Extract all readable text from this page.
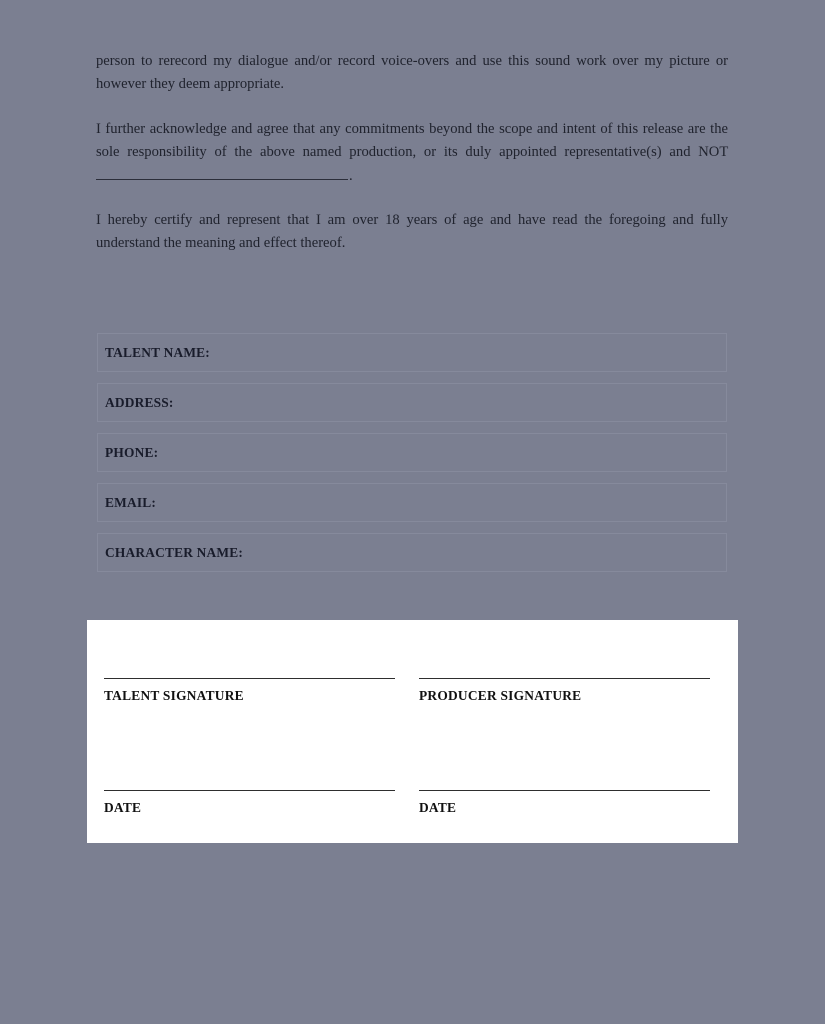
person to rerecord my dialogue and/or record voice-overs and use this sound work over my picture or however they deem appropriate.

I further acknowledge and agree that any commitments beyond the scope and intent of this release are the sole responsibility of the above named production, or its duly appointed representative(s) and NOT .

I hereby certify and represent that I am over 18 years of age and have read the foregoing and fully understand the meaning and effect thereof.

TALENT NAME:
ADDRESS:
PHONE:
EMAIL:
CHARACTER NAME:
TALENT SIGNATURE	PRODUCER SIGNATURE
DATE	DATE
